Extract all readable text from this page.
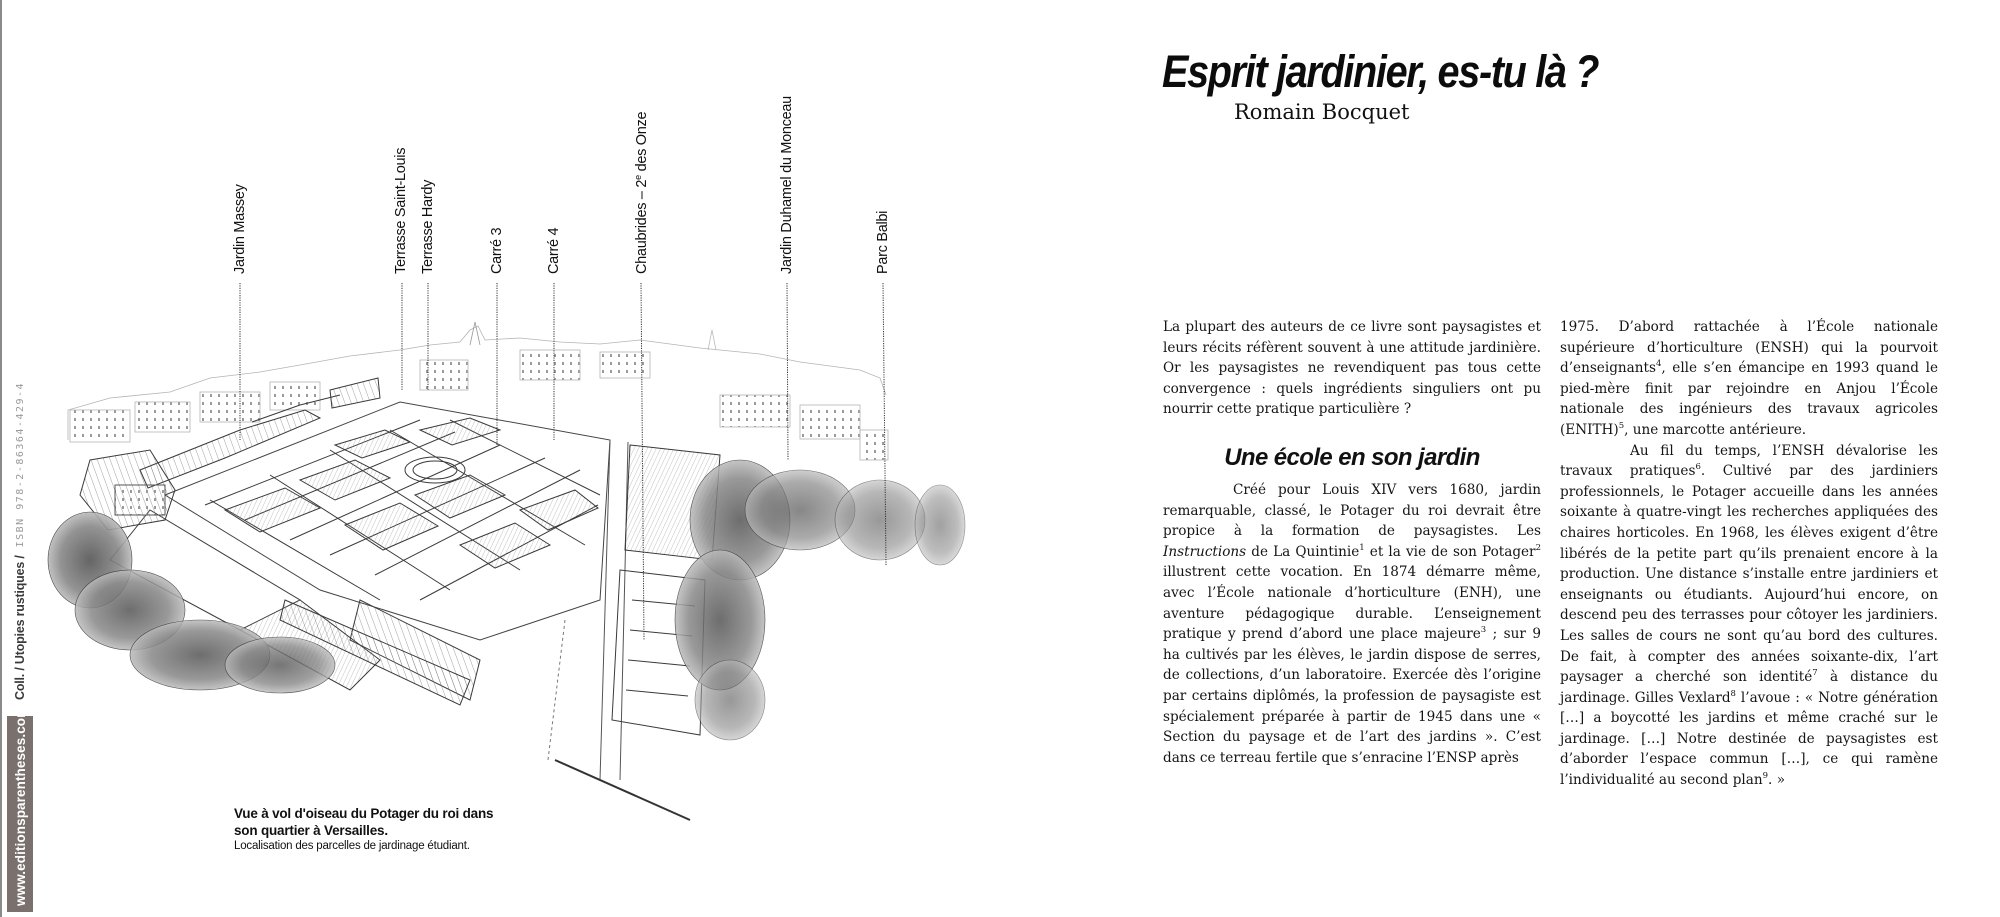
Jardin Massey	Terrasse Saint-Louis Terrasse Hardy	Carré 3	Carré 4	Chaubrides – 2e des Onze	Jardin Duhamel du Monceau	Parc Balbi
Vue à vol d'oiseau du Potager du roi dans son quartier à Versailles.
Localisation des parcelles de jardinage étudiant.
Coll. / Utopies rustiques /
ISBN 978-2-86364-429-4
www.editionsparentheses.com
Esprit jardinier, es-tu là ?
Romain Bocquet

La plupart des auteurs de ce livre sont paysagistes et leurs récits réfèrent souvent à une attitude jardinière. Or les paysagistes ne revendiquent pas tous cette convergence : quels ingrédients singuliers ont pu nourrir cette pratique particulière ?

Une école en son jardin

Créé pour Louis XIV vers 1680, jardin remarquable, classé, le Potager du roi devrait être propice à la formation de paysagistes. Les Instructions de La Quintinie$^1$ et la vie de son Potager$^2$ illustrent cette vocation. En 1874 démarre même, avec l’École nationale d’horticulture (ENH), une aventure pédagogique durable. L’enseignement pratique y prend d’abord une place majeure$^3$ ; sur 9 ha cultivés par les élèves, le jardin dispose de serres, de collections, d’un laboratoire. Exercée dès l’origine par certains diplômés, la profession de paysagiste est spécialement préparée à partir de 1945 dans une « Section du paysage et de l’art des jardins ». C’est dans ce terreau fertile que s’enracine l’ENSP après

1975. D’abord rattachée à l’École nationale supérieure d’horticulture (ENSH) qui la pourvoit d’enseignants$^4$, elle s’en émancipe en 1993 quand le pied-mère finit par rejoindre en Anjou l’École nationale des ingénieurs des travaux agricoles (ENITH)$^5$, une marcotte antérieure.

Au fil du temps, l’ENSH dévalorise les travaux pratiques$^6$. Cultivé par des jardiniers professionnels, le Potager accueille dans les années soixante à quatre-vingt les recherches appliquées des chaires horticoles. En 1968, les élèves exigent d’être libérés de la petite part qu’ils prenaient encore à la production. Une distance s’installe entre jardiniers et enseignants ou étudiants. Aujourd’hui encore, on descend peu des terrasses pour côtoyer les jardiniers. Les salles de cours ne sont qu’au bord des cultures. De fait, à compter des années soixante-dix, l’art paysager a cherché son identité$^7$ à distance du jardinage. Gilles Vexlard$^8$ l’avoue : « Notre génération […] a boycotté les jardins et même craché sur le jardinage. […] Notre destinée de paysagistes est d’aborder l’espace commun […], ce qui ramène l’individualité au second plan$^9$. »
